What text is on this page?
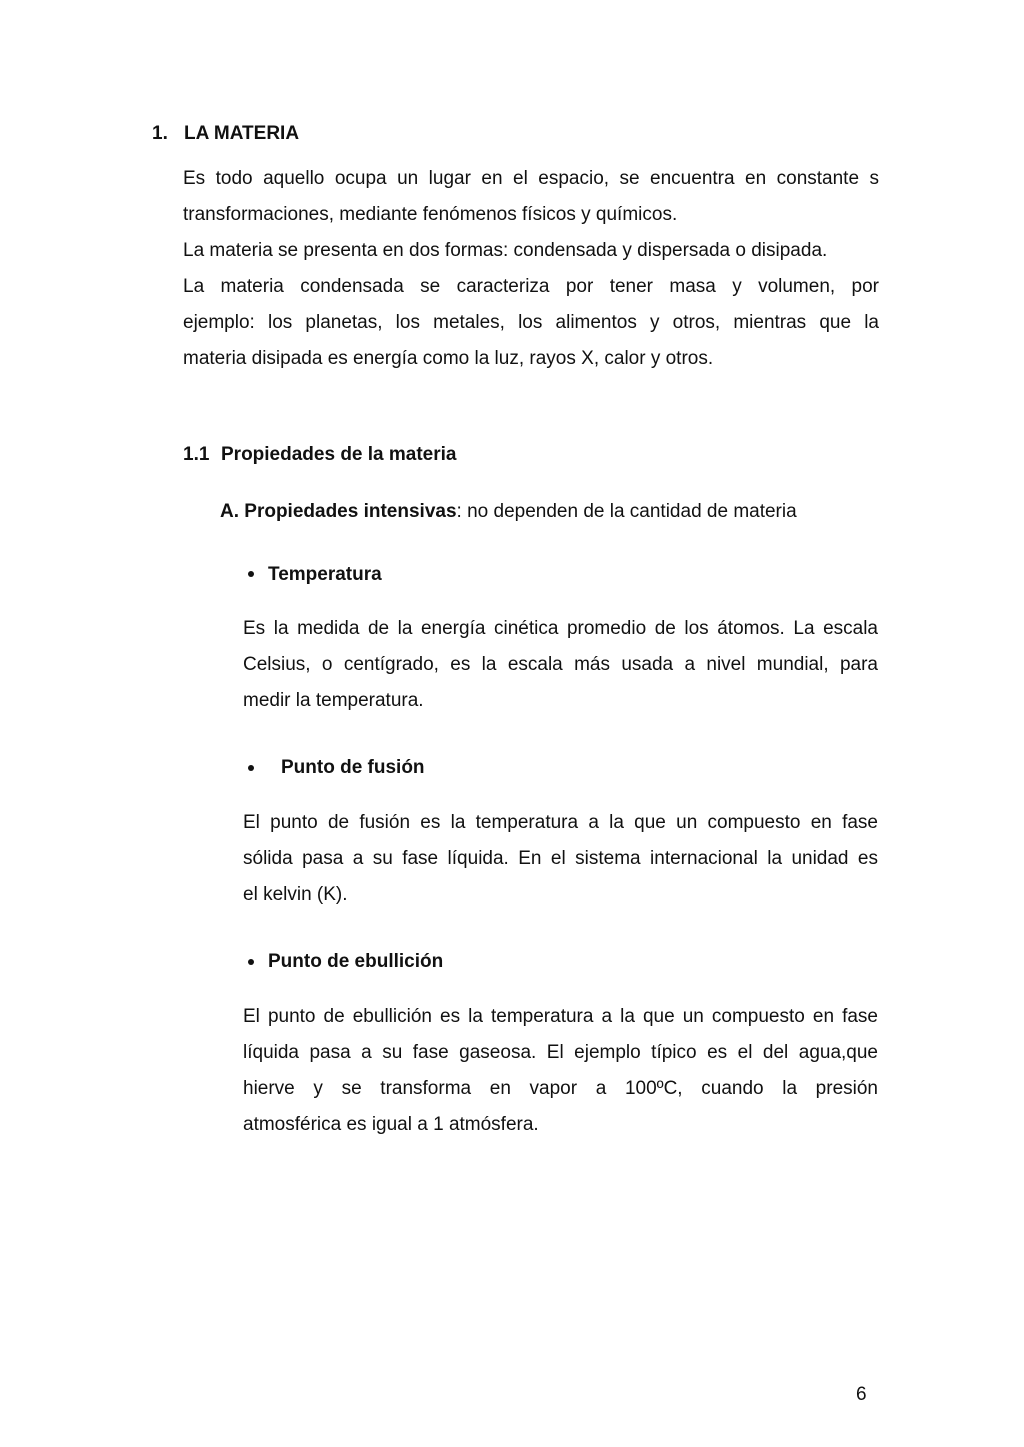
1. LA MATERIA
Es todo aquello ocupa un lugar en el espacio, se encuentra en constante s
transformaciones, mediante fenómenos físicos y químicos.
La materia se presenta en dos formas: condensada y dispersada o disipada.
La materia condensada se caracteriza por tener masa y volumen, por
ejemplo: los planetas, los metales, los alimentos y otros, mientras que la
materia disipada es energía como la luz, rayos X, calor y otros.
1.1 Propiedades de la materia
A. Propiedades intensivas: no dependen de la cantidad de materia
Temperatura
Es la medida de la energía cinética promedio de los átomos. La escala
Celsius, o centígrado, es la escala más usada a nivel mundial, para
medir la temperatura.
Punto de fusión
El punto de fusión es la temperatura a la que un compuesto en fase
sólida pasa a su fase líquida. En el sistema internacional la unidad es
el kelvin (K).
Punto de ebullición
El punto de ebullición es la temperatura a la que un compuesto en fase
líquida pasa a su fase gaseosa. El ejemplo típico es el del agua,que
hierve y se transforma en vapor a 100ºC, cuando la presión
atmosférica es igual a 1 atmósfera.
6
